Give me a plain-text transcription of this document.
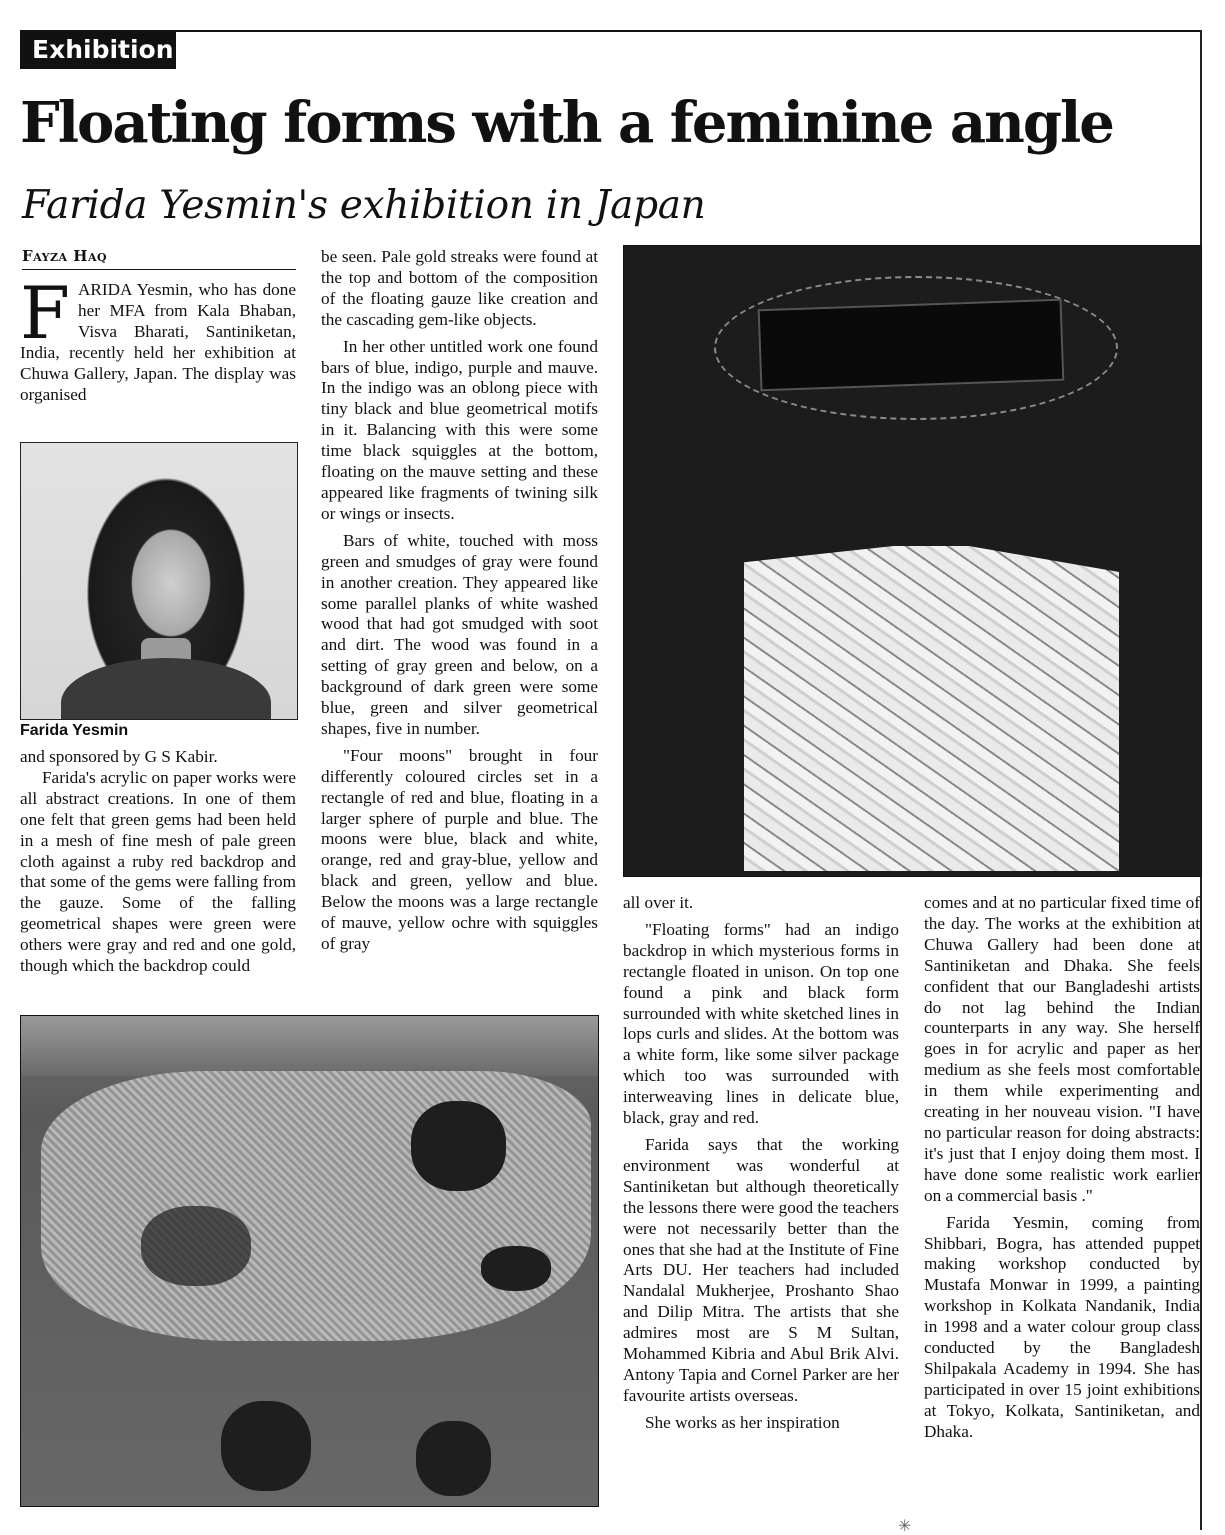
Exhibition
Floating forms with a feminine angle
Farida Yesmin's exhibition in Japan
Fayza Haq
F ARIDA Yesmin, who has done her MFA from Kala Bhaban, Visva Bharati, Santiniketan, India, recently held her exhibition at Chuwa Gallery, Japan. The display was organised

Farida Yesmin

and sponsored by G S Kabir.

Farida's acrylic on paper works were all abstract creations. In one of them one felt that green gems had been held in a mesh of fine mesh of pale green cloth against a ruby red backdrop and that some of the gems were falling from the gauze. Some of the falling geometrical shapes were green were others were gray and red and one gold, though which the backdrop could

be seen. Pale gold streaks were found at the top and bottom of the composition of the floating gauze like creation and the cascading gem-like objects.

In her other untitled work one found bars of blue, indigo, purple and mauve. In the indigo was an oblong piece with tiny black and blue geometrical motifs in it. Balancing with this were some time black squiggles at the bottom, floating on the mauve setting and these appeared like fragments of twining silk or wings or insects.

Bars of white, touched with moss green and smudges of gray were found in another creation. They appeared like some parallel planks of white washed wood that had got smudged with soot and dirt. The wood was found in a setting of gray green and below, on a background of dark green were some blue, green and silver geometrical shapes, five in number.

"Four moons" brought in four differently coloured circles set in a rectangle of red and blue, floating in a larger sphere of purple and blue. The moons were blue, black and white, orange, red and gray-blue, yellow and black and green, yellow and blue. Below the moons was a large rectangle of mauve, yellow ochre with squiggles of gray

all over it.

"Floating forms" had an indigo backdrop in which mysterious forms in rectangle floated in unison. On top one found a pink and black form surrounded with white sketched lines in lops curls and slides. At the bottom was a white form, like some silver package which too was surrounded with interweaving lines in delicate blue, black, gray and red.

Farida says that the working environment was wonderful at Santiniketan but although theoretically the lessons there were good the teachers were not necessarily better than the ones that she had at the Institute of Fine Arts DU. Her teachers had included Nandalal Mukherjee, Proshanto Shao and Dilip Mitra. The artists that she admires most are S M Sultan, Mohammed Kibria and Abul Brik Alvi. Antony Tapia and Cornel Parker are her favourite artists overseas.

She works as her inspiration

comes and at no particular fixed time of the day. The works at the exhibition at Chuwa Gallery had been done at Santiniketan and Dhaka. She feels confident that our Bangladeshi artists do not lag behind the Indian counterparts in any way. She herself goes in for acrylic and paper as her medium as she feels most comfortable in them while experimenting and creating in her nouveau vision. "I have no particular reason for doing abstracts: it's just that I enjoy doing them most. I have done some realistic work earlier on a commercial basis ."

Farida Yesmin, coming from Shibbari, Bogra, has attended puppet making workshop conducted by Mustafa Monwar in 1999, a painting workshop in Kolkata Nandanik, India in 1998 and a water colour group class conducted by the Bangladesh Shilpakala Academy in 1994. She has participated in over 15 joint exhibitions at Tokyo, Kolkata, Santiniketan, and Dhaka.

✳
